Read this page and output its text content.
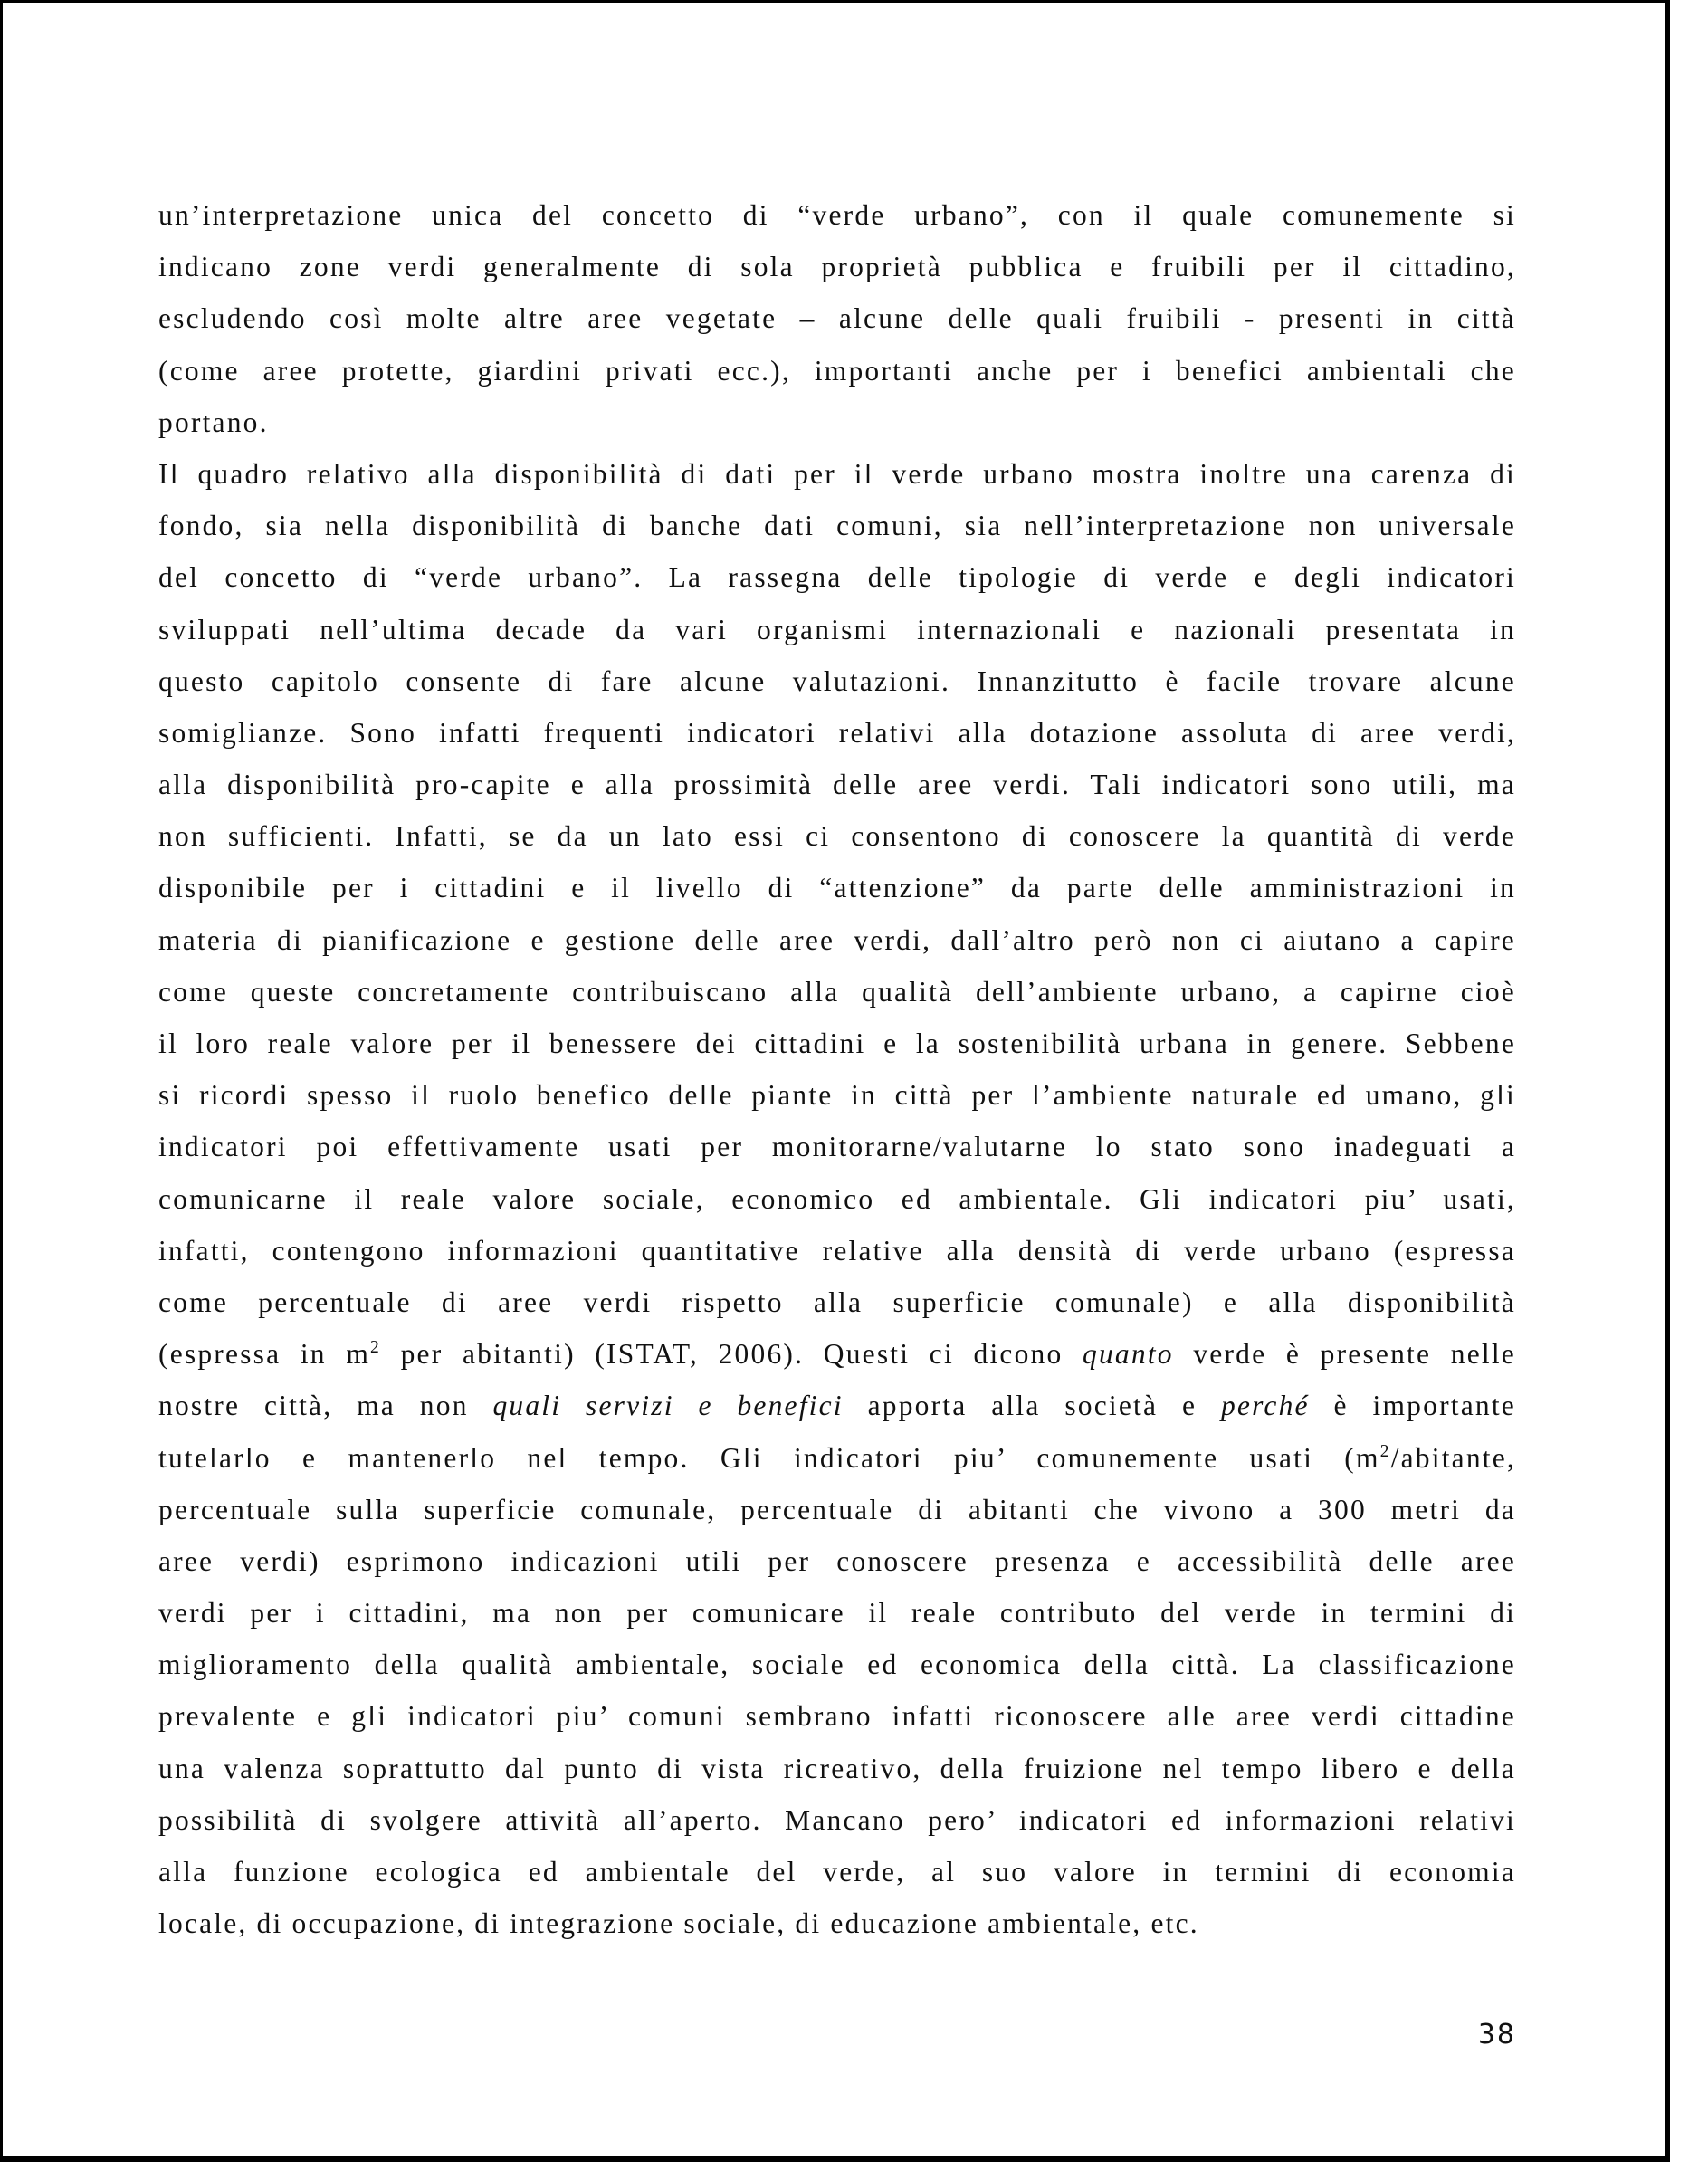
un’interpretazione unica del concetto di “verde urbano”, con il quale comunemente si
indicano zone verdi generalmente di sola proprietà pubblica e fruibili per il cittadino,
escludendo così molte altre aree vegetate – alcune delle quali fruibili - presenti in città
(come aree protette, giardini privati ecc.), importanti anche per i benefici ambientali che
portano.
Il quadro relativo alla disponibilità di dati per il verde urbano mostra inoltre una carenza di
fondo, sia nella disponibilità di banche dati comuni, sia nell’interpretazione non universale
del concetto di “verde urbano”. La rassegna delle tipologie di verde e degli indicatori
sviluppati nell’ultima decade da vari organismi internazionali e nazionali presentata in
questo capitolo consente di fare alcune valutazioni. Innanzitutto è facile trovare alcune
somiglianze. Sono infatti frequenti indicatori relativi alla dotazione assoluta di aree verdi,
alla disponibilità pro-capite e alla prossimità delle aree verdi. Tali indicatori sono utili, ma
non sufficienti. Infatti, se da un lato essi ci consentono di conoscere la quantità di verde
disponibile per i cittadini e il livello di “attenzione” da parte delle amministrazioni in
materia di pianificazione e gestione delle aree verdi, dall’altro però non ci aiutano a capire
come queste concretamente contribuiscano alla qualità dell’ambiente urbano, a capirne cioè
il loro reale valore per il benessere dei cittadini e la sostenibilità urbana in genere. Sebbene
si ricordi spesso il ruolo benefico delle piante in città per l’ambiente naturale ed umano, gli
indicatori poi effettivamente usati per monitorarne/valutarne lo stato sono inadeguati a
comunicarne il reale valore sociale, economico ed ambientale. Gli indicatori piu’ usati,
infatti, contengono informazioni quantitative relative alla densità di verde urbano (espressa
come percentuale di aree verdi rispetto alla superficie comunale) e alla disponibilità
(espressa in $m^2$ per abitanti) (ISTAT, 2006). Questi ci dicono quanto verde è presente nelle
nostre città, ma non quali servizi e benefici apporta alla società e perché è importante
tutelarlo e mantenerlo nel tempo. Gli indicatori piu’ comunemente usati ($m^2$/abitante,
percentuale sulla superficie comunale, percentuale di abitanti che vivono a 300 metri da
aree verdi) esprimono indicazioni utili per conoscere presenza e accessibilità delle aree
verdi per i cittadini, ma non per comunicare il reale contributo del verde in termini di
miglioramento della qualità ambientale, sociale ed economica della città. La classificazione
prevalente e gli indicatori piu’ comuni sembrano infatti riconoscere alle aree verdi cittadine
una valenza soprattutto dal punto di vista ricreativo, della fruizione nel tempo libero e della
possibilità di svolgere attività all’aperto. Mancano pero’ indicatori ed informazioni relativi
alla funzione ecologica ed ambientale del verde, al suo valore in termini di economia
locale, di occupazione, di integrazione sociale, di educazione ambientale, etc.
38
